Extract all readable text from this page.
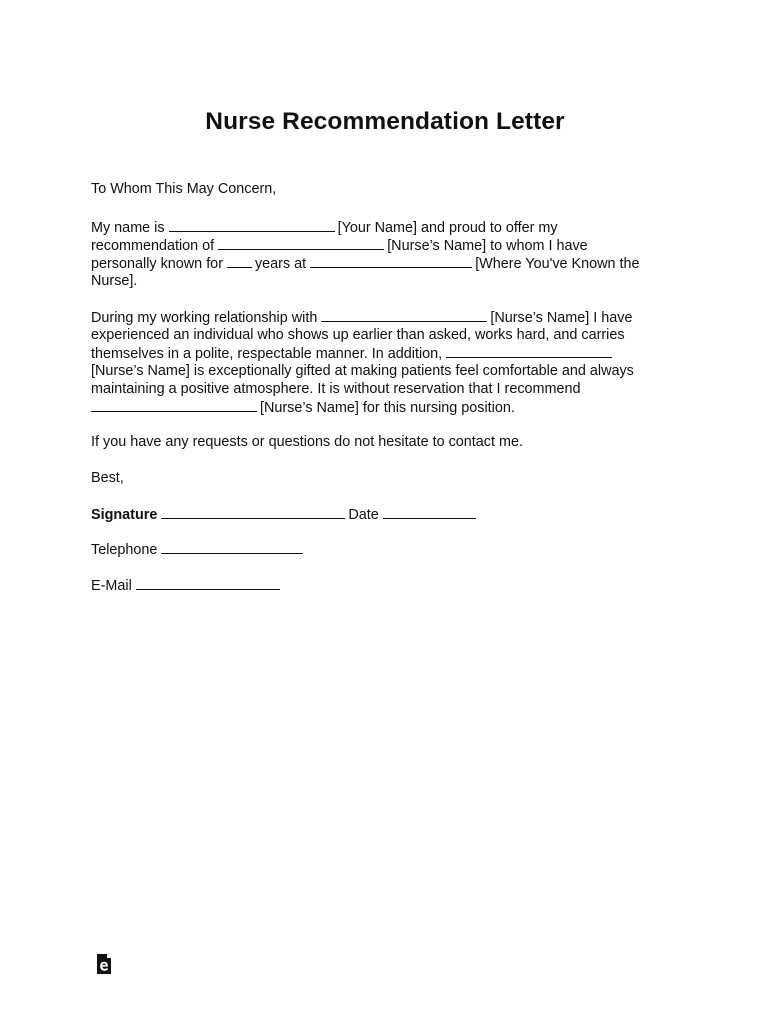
Nurse Recommendation Letter
To Whom This May Concern,
My name is	[Your Name] and proud to offer my
recommendation of	[Nurse’s Name] to whom I have
personally known for years at	[Where You've Known the
Nurse].
During my working relationship with	[Nurse’s Name] I have
experienced an individual who shows up earlier than asked, works hard, and carries
themselves in a polite, respectable manner. In addition,
[Nurse’s Name] is exceptionally gifted at making patients feel comfortable and always
maintaining a positive atmosphere. It is without reservation that I recommend
[Nurse’s Name] for this nursing position.
If you have any requests or questions do not hesitate to contact me.
Best,
Signature	Date
Telephone
E-Mail
